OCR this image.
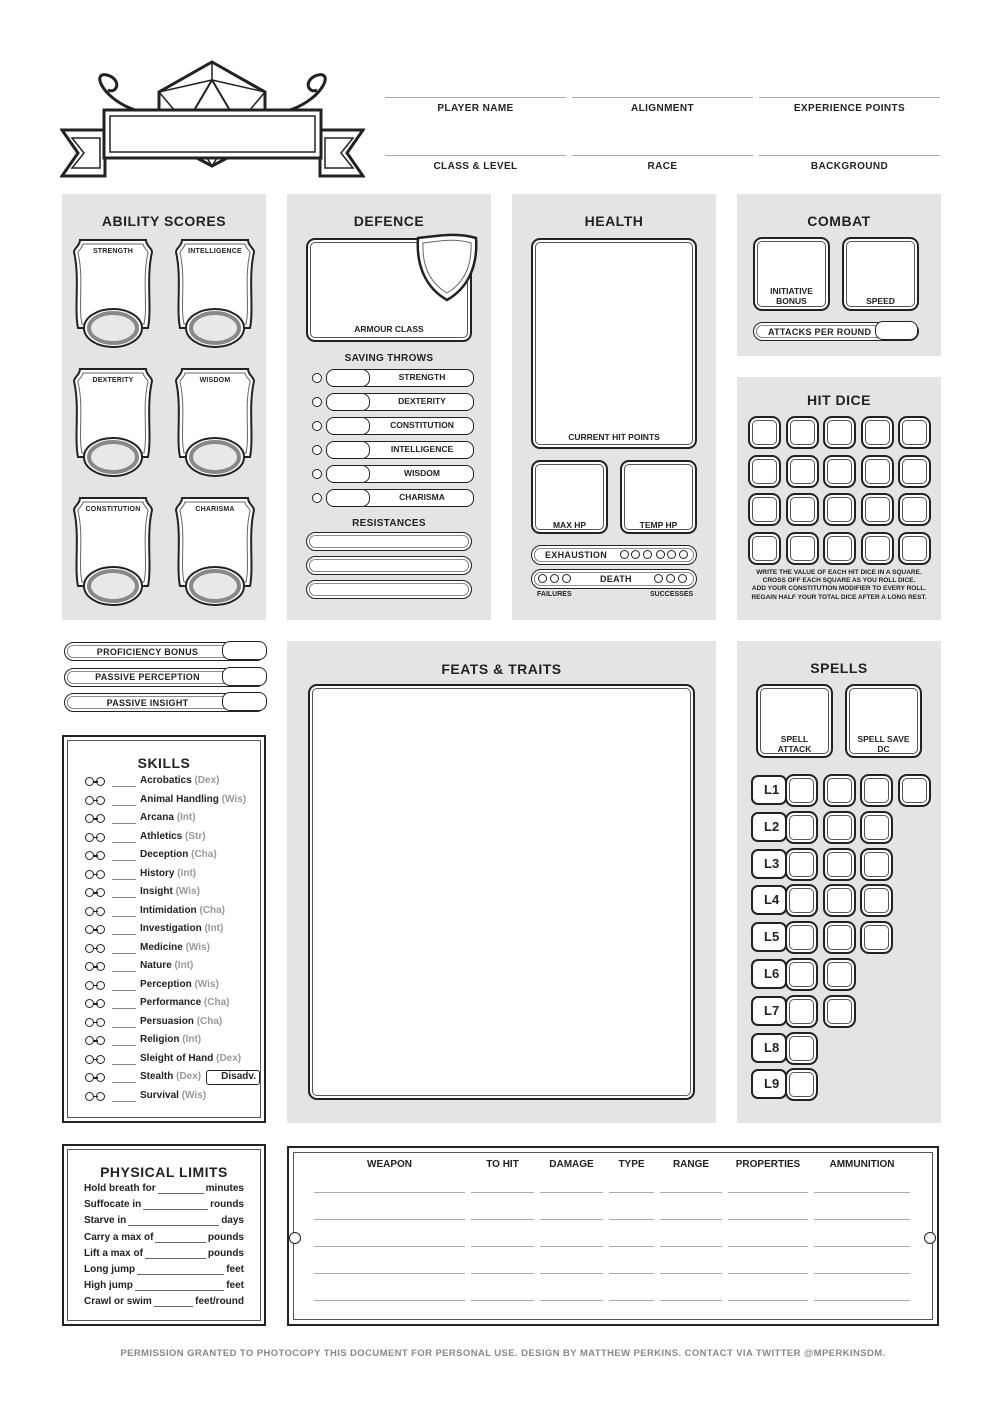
PLAYER NAME	ALIGNMENT	EXPERIENCE POINTS
CLASS & LEVEL	RACE	BACKGROUND
ABILITY SCORES
STRENGTH	INTELLIGENCE
DEXTERITY	WISDOM
CONSTITUTION	CHARISMA
DEFENCE
ARMOUR CLASS
SAVING THROWS
STRENGTH
DEXTERITY
CONSTITUTION
INTELLIGENCE
WISDOM
CHARISMA
RESISTANCES
HEALTH
CURRENT HIT POINTS
MAX HP	TEMP HP
EXHAUSTION
DEATH
FAILURES	SUCCESSES
COMBAT
INITIATIVE BONUS	SPEED
ATTACKS PER ROUND
HIT DICE
WRITE THE VALUE OF EACH HIT DICE IN A SQUARE.
CROSS OFF EACH SQUARE AS YOU ROLL DICE.
ADD YOUR CONSTITUTION MODIFIER TO EVERY ROLL.
REGAIN HALF YOUR TOTAL DICE AFTER A LONG REST.
PROFICIENCY BONUS
PASSIVE PERCEPTION
PASSIVE INSIGHT
SKILLS
Acrobatics (Dex)
Animal Handling (Wis)
Arcana (Int)
Athletics (Str)
Deception (Cha)
History (Int)
Insight (Wis)
Intimidation (Cha)
Investigation (Int)
Medicine (Wis)
Nature (Int)
Perception (Wis)
Performance (Cha)
Persuasion (Cha)
Religion (Int)
Sleight of Hand (Dex)
Stealth (Dex)
Survival (Wis)
Disadv.
FEATS & TRAITS	SPELLS
SPELL ATTACK
SPELL SAVE DC
L1
L2
L3
L4
L5
L6
L7
L8
L9
PHYSICAL LIMITS
Hold breath for	minutes
Suffocate in	rounds
Starve in	days
Carry a max of	pounds
Lift a max of	pounds
Long jump	feet
High jump	feet
Crawl or swim	feet/round
WEAPON	TO HIT	DAMAGE	TYPE	RANGE	PROPERTIES	AMMUNITION
PERMISSION GRANTED TO PHOTOCOPY THIS DOCUMENT FOR PERSONAL USE. DESIGN BY MATTHEW PERKINS. CONTACT VIA TWITTER @MPERKINSDM.
